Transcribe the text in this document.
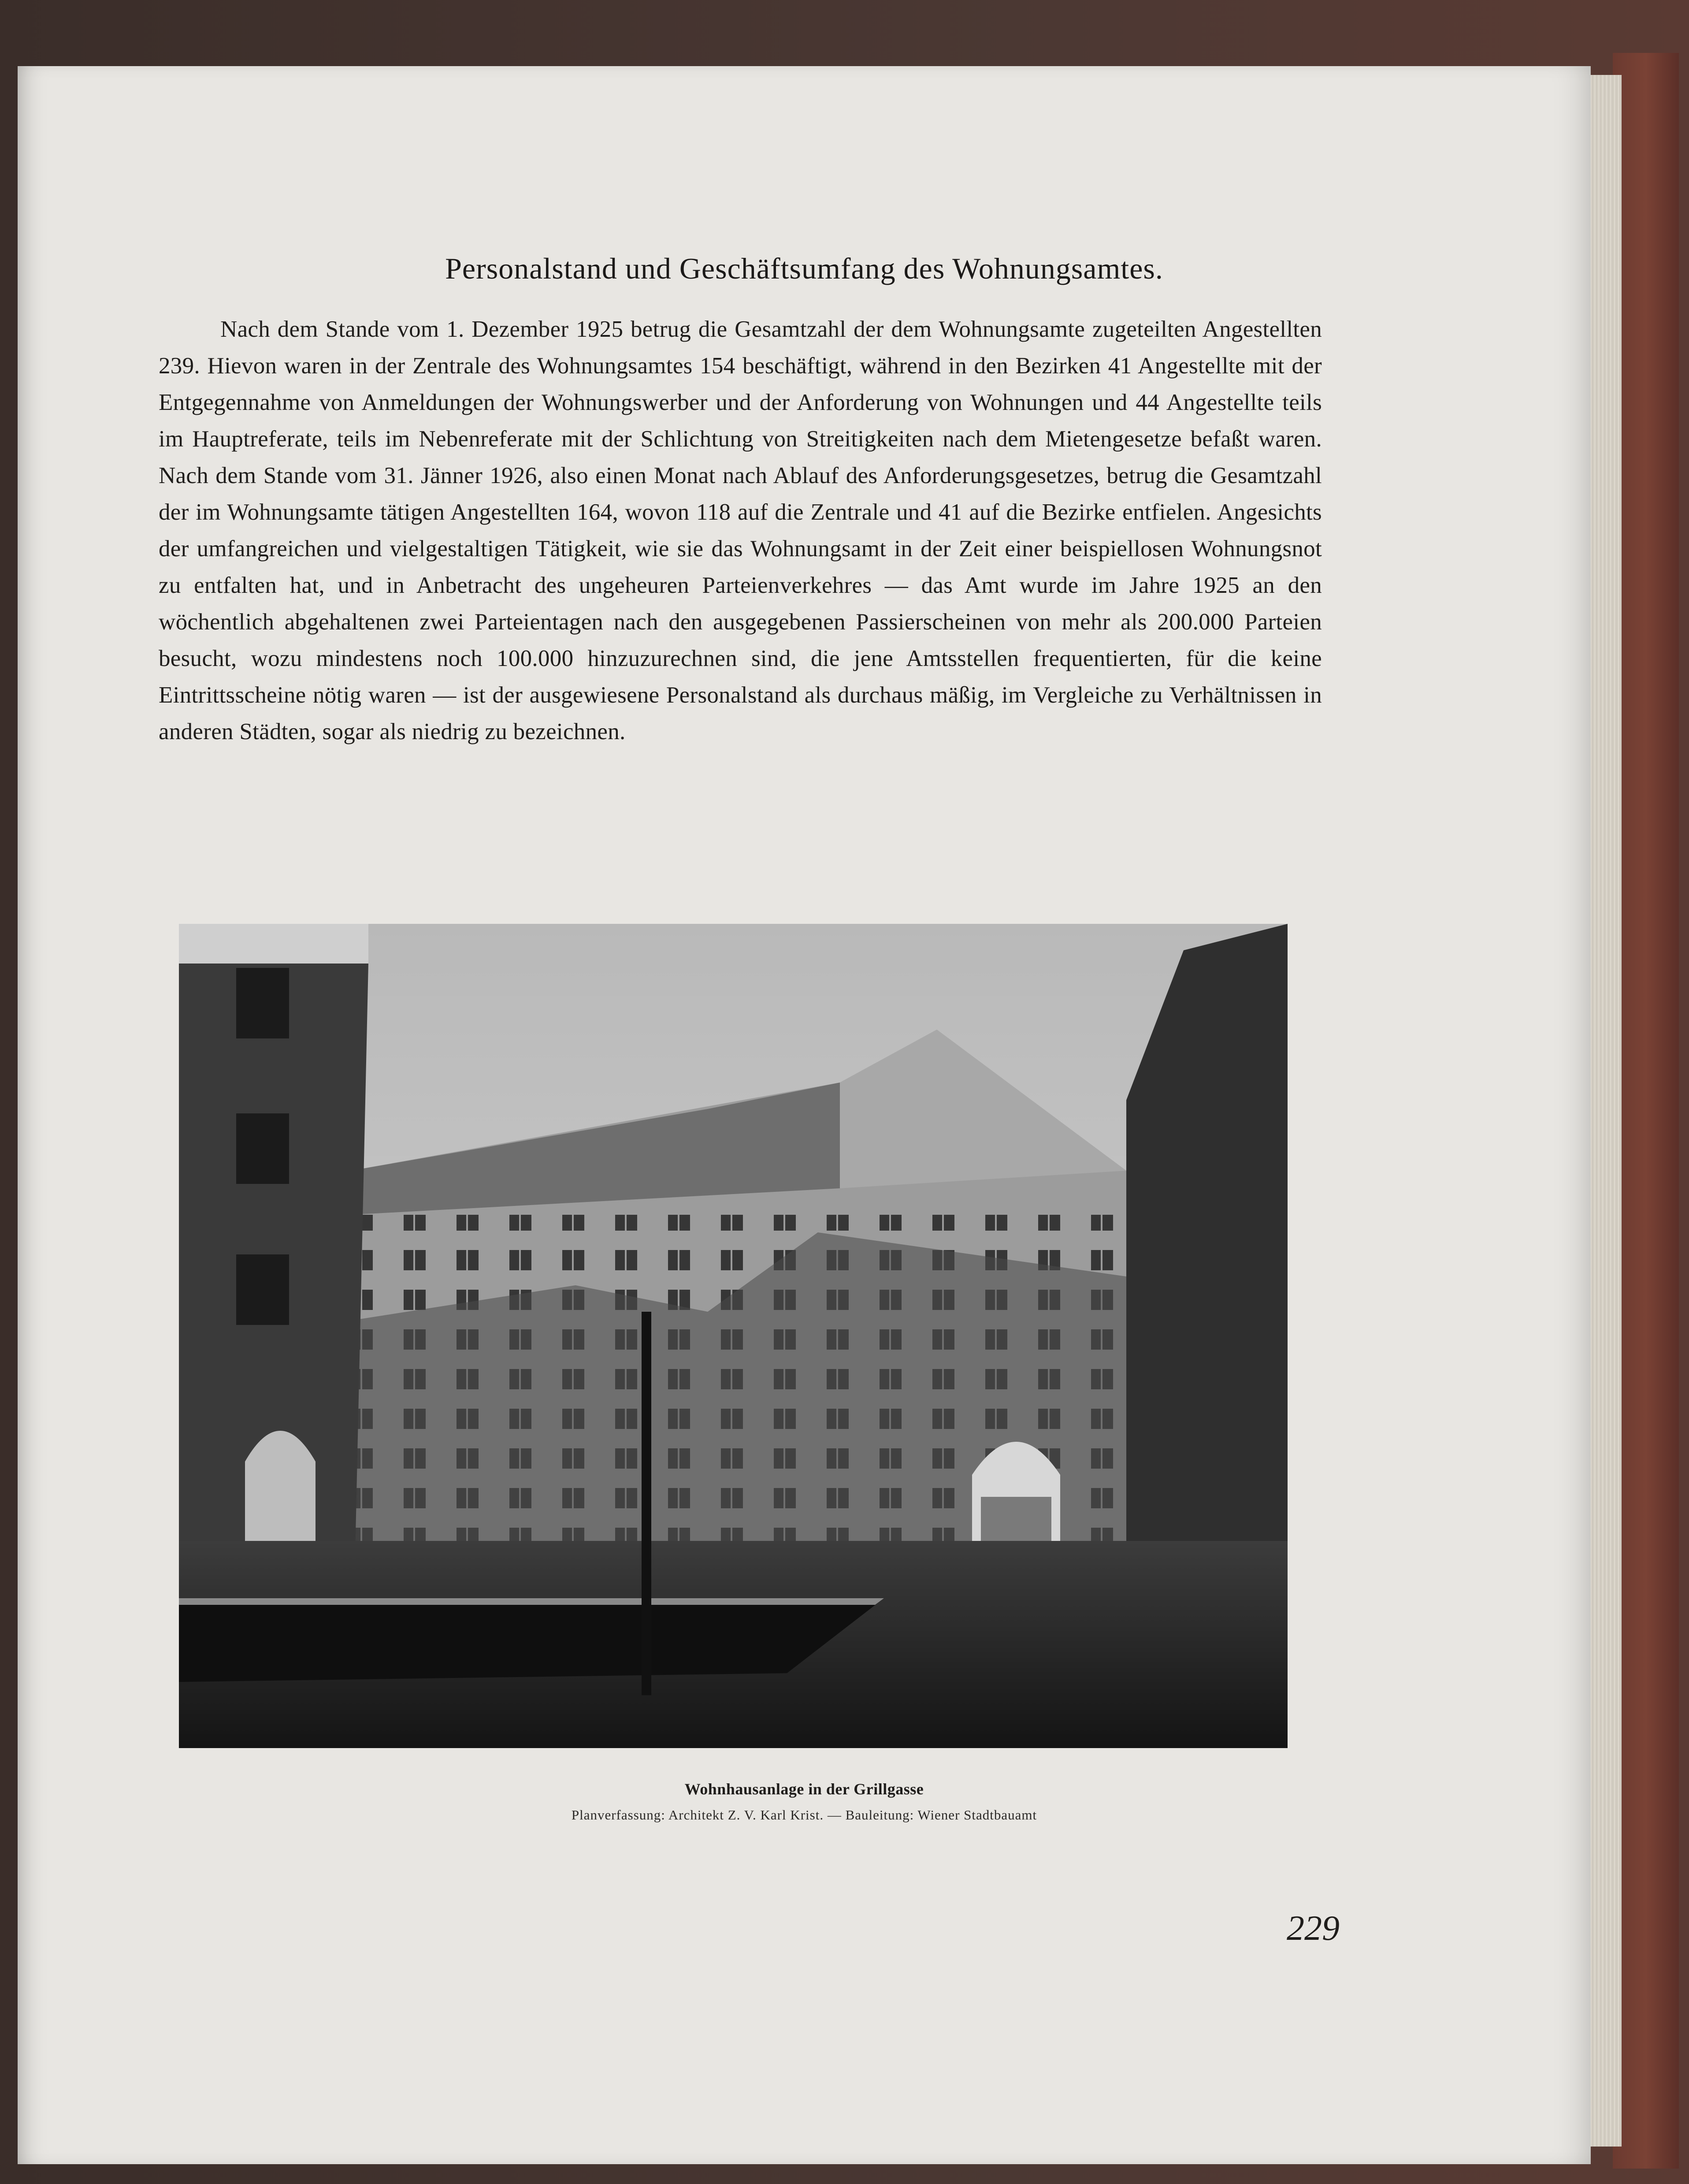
Personalstand und Geschäftsumfang des Wohnungsamtes.

Nach dem Stande vom 1. Dezember 1925 betrug die Gesamtzahl der dem Wohnungsamte zugeteilten Angestellten 239. Hievon waren in der Zentrale des Wohnungsamtes 154 beschäftigt, während in den Bezirken 41 Angestellte mit der Entgegennahme von Anmeldungen der Wohnungswerber und der Anforderung von Wohnungen und 44 Angestellte teils im Hauptreferate, teils im Nebenreferate mit der Schlichtung von Streitigkeiten nach dem Mietengesetze befaßt waren. Nach dem Stande vom 31. Jänner 1926, also einen Monat nach Ablauf des Anforderungsgesetzes, betrug die Gesamtzahl der im Wohnungsamte tätigen Angestellten 164, wovon 118 auf die Zentrale und 41 auf die Bezirke entfielen. Angesichts der umfangreichen und vielgestaltigen Tätigkeit, wie sie das Wohnungsamt in der Zeit einer beispiellosen Wohnungsnot zu entfalten hat, und in Anbetracht des ungeheuren Parteienverkehres — das Amt wurde im Jahre 1925 an den wöchentlich abgehaltenen zwei Parteientagen nach den ausgegebenen Passierscheinen von mehr als 200.000 Parteien besucht, wozu mindestens noch 100.000 hinzuzurechnen sind, die jene Amtsstellen frequentierten, für die keine Eintrittsscheine nötig waren — ist der ausgewiesene Personalstand als durchaus mäßig, im Vergleiche zu Verhältnissen in anderen Städten, sogar als niedrig zu bezeichnen.

Wohnhausanlage in der Grillgasse
Planverfassung: Architekt Z. V. Karl Krist. — Bauleitung: Wiener Stadtbauamt
229
